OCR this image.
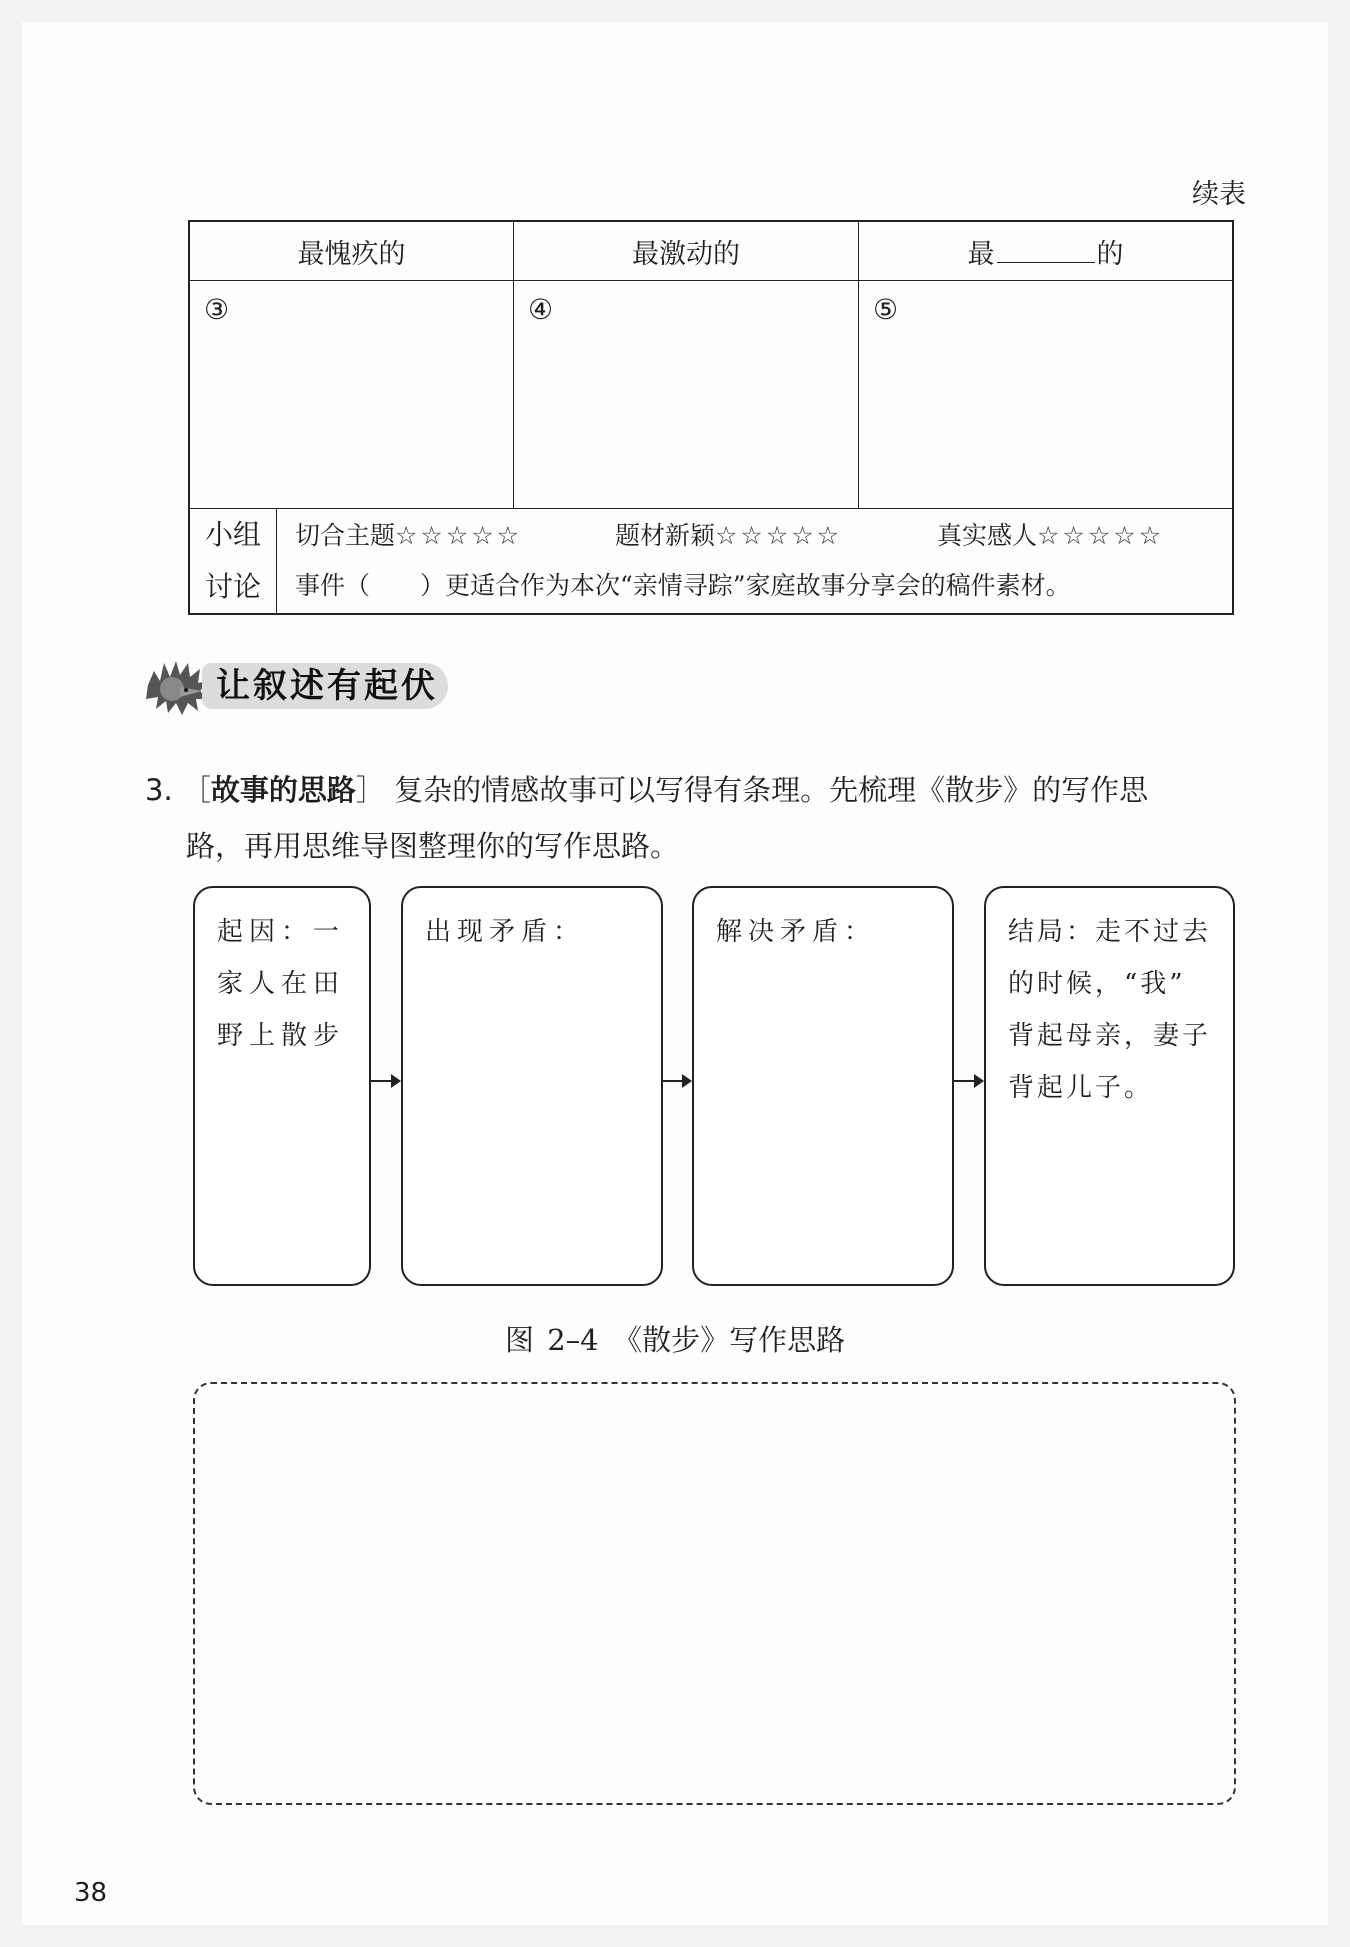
续表
最愧疚的	最激动的	最	的
③	④	⑤

小组
讨论

切合主题☆☆☆☆☆	题材新颖☆☆☆☆☆	真实感人☆☆☆☆☆
事件（ ）更适合作为本次“亲情寻踪”家庭故事分享会的稿件素材。
让叙述有起伏
3. ［故事的思路］ 复杂的情感故事可以写得有条理。先梳理《散步》的写作思
路，再用思维导图整理你的写作思路。
起因：一
家人在田
野上散步
出现矛盾：	解决矛盾：	结局：走不过去
的时候，“我”
背起母亲，妻子
背起儿子。
图 2–4　《散步》写作思路
38
